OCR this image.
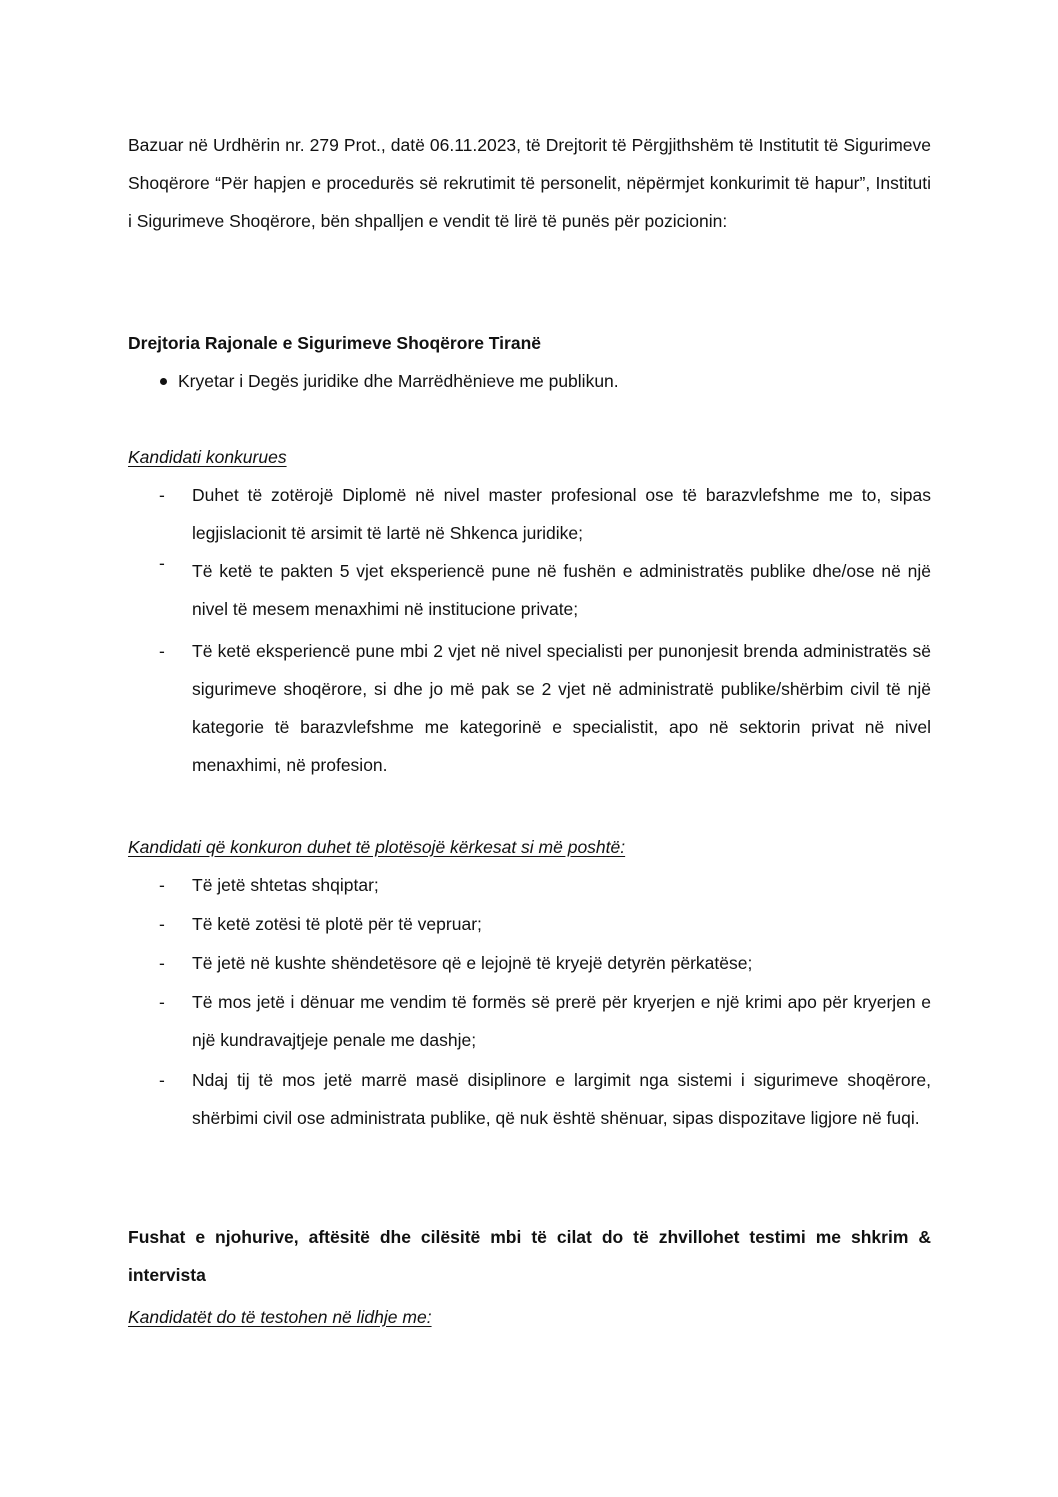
Bazuar në Urdhërin nr. 279 Prot., datë 06.11.2023, të Drejtorit të Përgjithshëm të Institutit të Sigurimeve Shoqërore “Për hapjen e procedurës së rekrutimit të personelit, nëpërmjet konkurimit të hapur”, Instituti i Sigurimeve Shoqërore, bën shpalljen e vendit të lirë të punës për pozicionin:

Drejtoria Rajonale e Sigurimeve Shoqërore Tiranë
Kryetar i Degës juridike dhe Marrëdhënieve me publikun.
Kandidati konkurues
- Duhet të zotërojë Diplomë në nivel master profesional ose të barazvlefshme me to, sipas legjislacionit të arsimit të lartë në Shkenca juridike;
- Të ketë te pakten 5 vjet eksperiencë pune në fushën e administratës publike dhe/ose në një nivel të mesem menaxhimi në institucione private;
- Të ketë eksperiencë pune mbi 2 vjet në nivel specialisti per punonjesit brenda administratës së sigurimeve shoqërore, si dhe jo më pak se 2 vjet në administratë publike/shërbim civil të një kategorie të barazvlefshme me kategorinë e specialistit, apo në sektorin privat në nivel menaxhimi, në profesion.
Kandidati që konkuron duhet të plotësojë kërkesat si më poshtë:
- Të jetë shtetas shqiptar;
- Të ketë zotësi të plotë për të vepruar;
- Të jetë në kushte shëndetësore që e lejojnë të kryejë detyrën përkatëse;
- Të mos jetë i dënuar me vendim të formës së prerë për kryerjen e një krimi apo për kryerjen e një kundravajtjeje penale me dashje;
- Ndaj tij të mos jetë marrë masë disiplinore e largimit nga sistemi i sigurimeve shoqërore, shërbimi civil ose administrata publike, që nuk është shënuar, sipas dispozitave ligjore në fuqi.
Fushat e njohurive, aftësitë dhe cilësitë mbi të cilat do të zhvillohet testimi me shkrim & intervista
Kandidatët do të testohen në lidhje me:
